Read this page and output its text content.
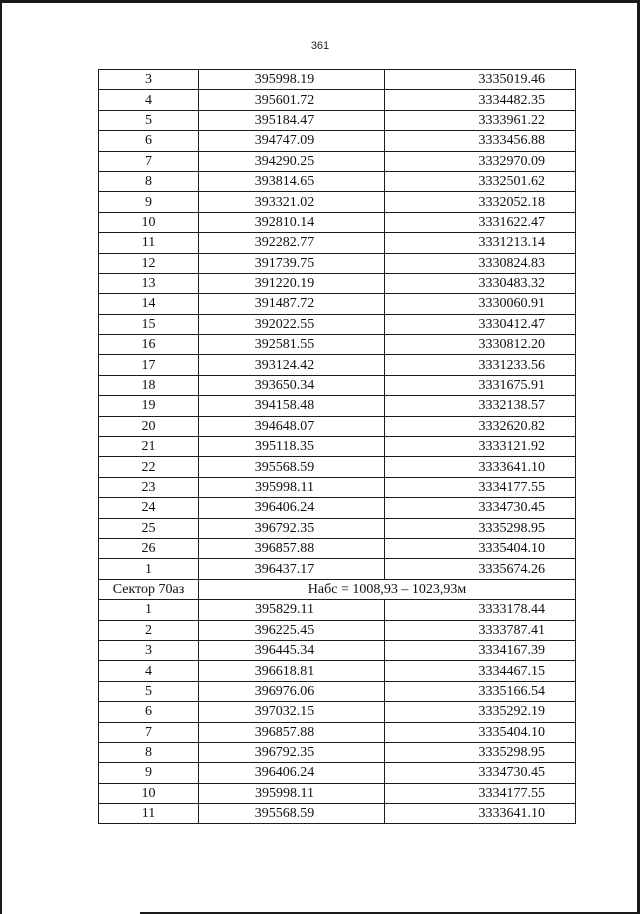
361
3	395998.19	3335019.46
4	395601.72	3334482.35
5	395184.47	3333961.22
6	394747.09	3333456.88
7	394290.25	3332970.09
8	393814.65	3332501.62
9	393321.02	3332052.18
10	392810.14	3331622.47
11	392282.77	3331213.14
12	391739.75	3330824.83
13	391220.19	3330483.32
14	391487.72	3330060.91
15	392022.55	3330412.47
16	392581.55	3330812.20
17	393124.42	3331233.56
18	393650.34	3331675.91
19	394158.48	3332138.57
20	394648.07	3332620.82
21	395118.35	3333121.92
22	395568.59	3333641.10
23	395998.11	3334177.55
24	396406.24	3334730.45
25	396792.35	3335298.95
26	396857.88	3335404.10
1	396437.17	3335674.26
Сектор 70аз	Набс = 1008,93 – 1023,93м	
1	395829.11	3333178.44
2	396225.45	3333787.41
3	396445.34	3334167.39
4	396618.81	3334467.15
5	396976.06	3335166.54
6	397032.15	3335292.19
7	396857.88	3335404.10
8	396792.35	3335298.95
9	396406.24	3334730.45
10	395998.11	3334177.55
11	395568.59	3333641.10
